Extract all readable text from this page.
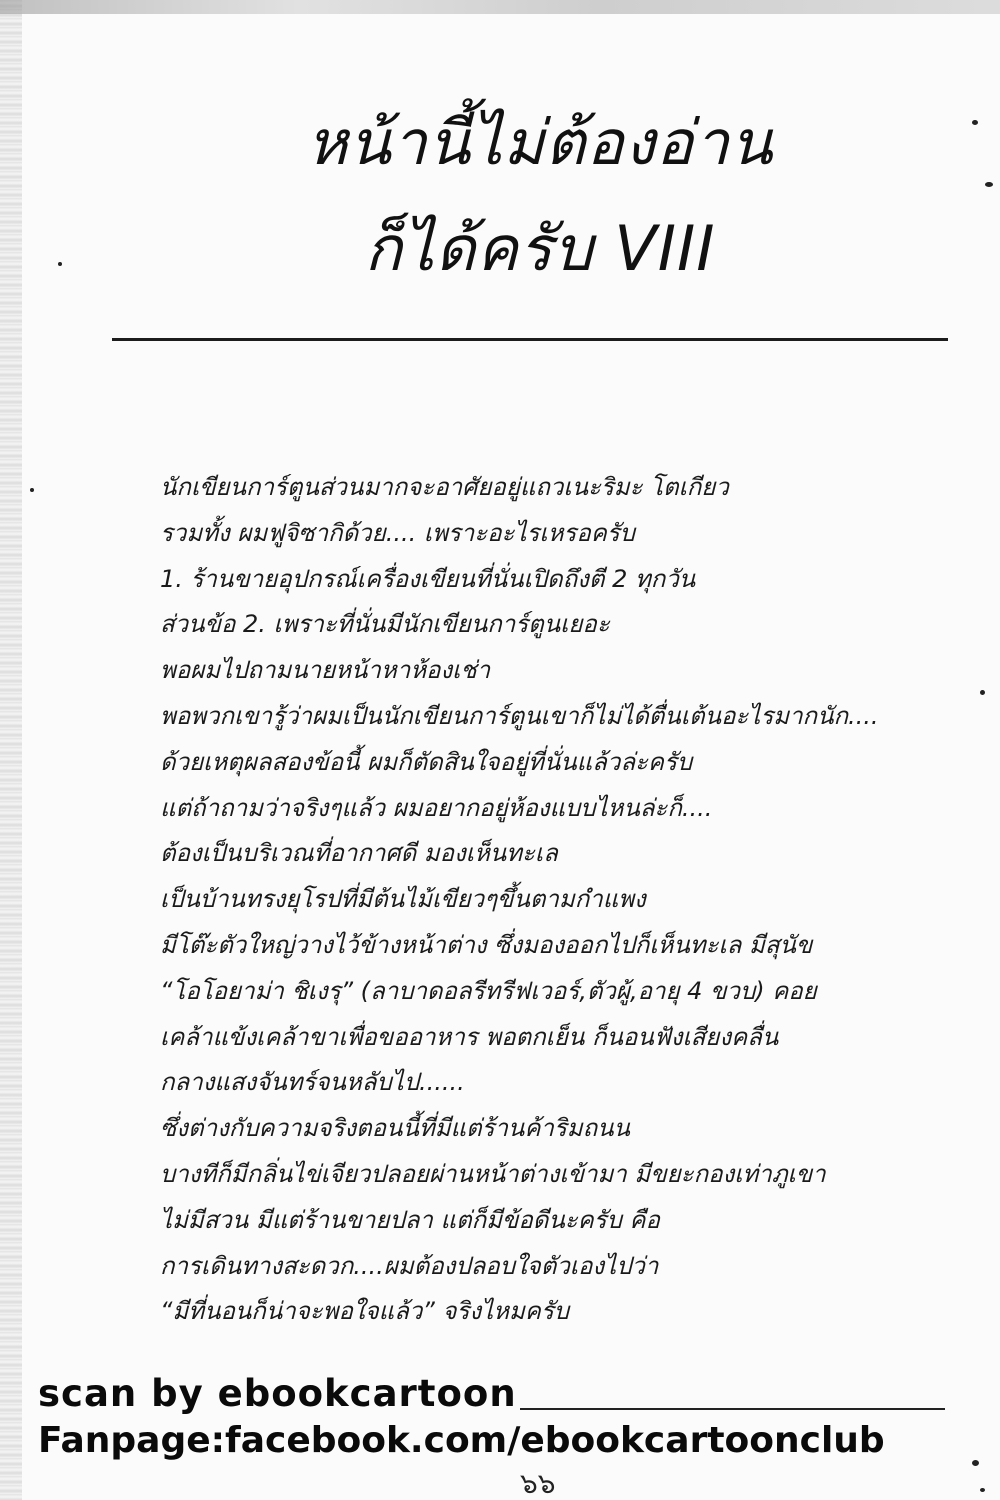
หน้านี้ไม่ต้องอ่าน
ก็ได้ครับ VIII
นักเขียนการ์ตูนส่วนมากจะอาศัยอยู่แถวเนะริมะ โตเกียว
รวมทั้ง ผมฟูจิซากิด้วย.... เพราะอะไรเหรอครับ
1. ร้านขายอุปกรณ์เครื่องเขียนที่นั่นเปิดถึงตี 2 ทุกวัน
ส่วนข้อ 2. เพราะที่นั่นมีนักเขียนการ์ตูนเยอะ
พอผมไปถามนายหน้าหาห้องเช่า
พอพวกเขารู้ว่าผมเป็นนักเขียนการ์ตูนเขาก็ไม่ได้ตื่นเต้นอะไรมากนัก....
ด้วยเหตุผลสองข้อนี้ ผมก็ตัดสินใจอยู่ที่นั่นแล้วล่ะครับ
แต่ถ้าถามว่าจริงๆแล้ว ผมอยากอยู่ห้องแบบไหนล่ะก็....
ต้องเป็นบริเวณที่อากาศดี มองเห็นทะเล
เป็นบ้านทรงยุโรปที่มีต้นไม้เขียวๆขึ้นตามกำแพง
มีโต๊ะตัวใหญ่วางไว้ข้างหน้าต่าง ซึ่งมองออกไปก็เห็นทะเล มีสุนัข
“โอโอยาม่า ชิเงรุ” (ลาบาดอลรีทรีฟเวอร์,ตัวผู้,อายุ 4 ขวบ) คอย
เคล้าแข้งเคล้าขาเพื่อขออาหาร พอตกเย็น ก็นอนฟังเสียงคลื่น
กลางแสงจันทร์จนหลับไป......
ซึ่งต่างกับความจริงตอนนี้ที่มีแต่ร้านค้าริมถนน
บางทีก็มีกลิ่นไข่เจียวปลอยผ่านหน้าต่างเข้ามา มีขยะกองเท่าภูเขา
ไม่มีสวน มีแต่ร้านขายปลา แต่ก็มีข้อดีนะครับ คือ
การเดินทางสะดวก....ผมต้องปลอบใจตัวเองไปว่า
“มีที่นอนก็น่าจะพอใจแล้ว” จริงไหมครับ
scan by ebookcartoon
Fanpage:facebook.com/ebookcartoonclub
๖๖
